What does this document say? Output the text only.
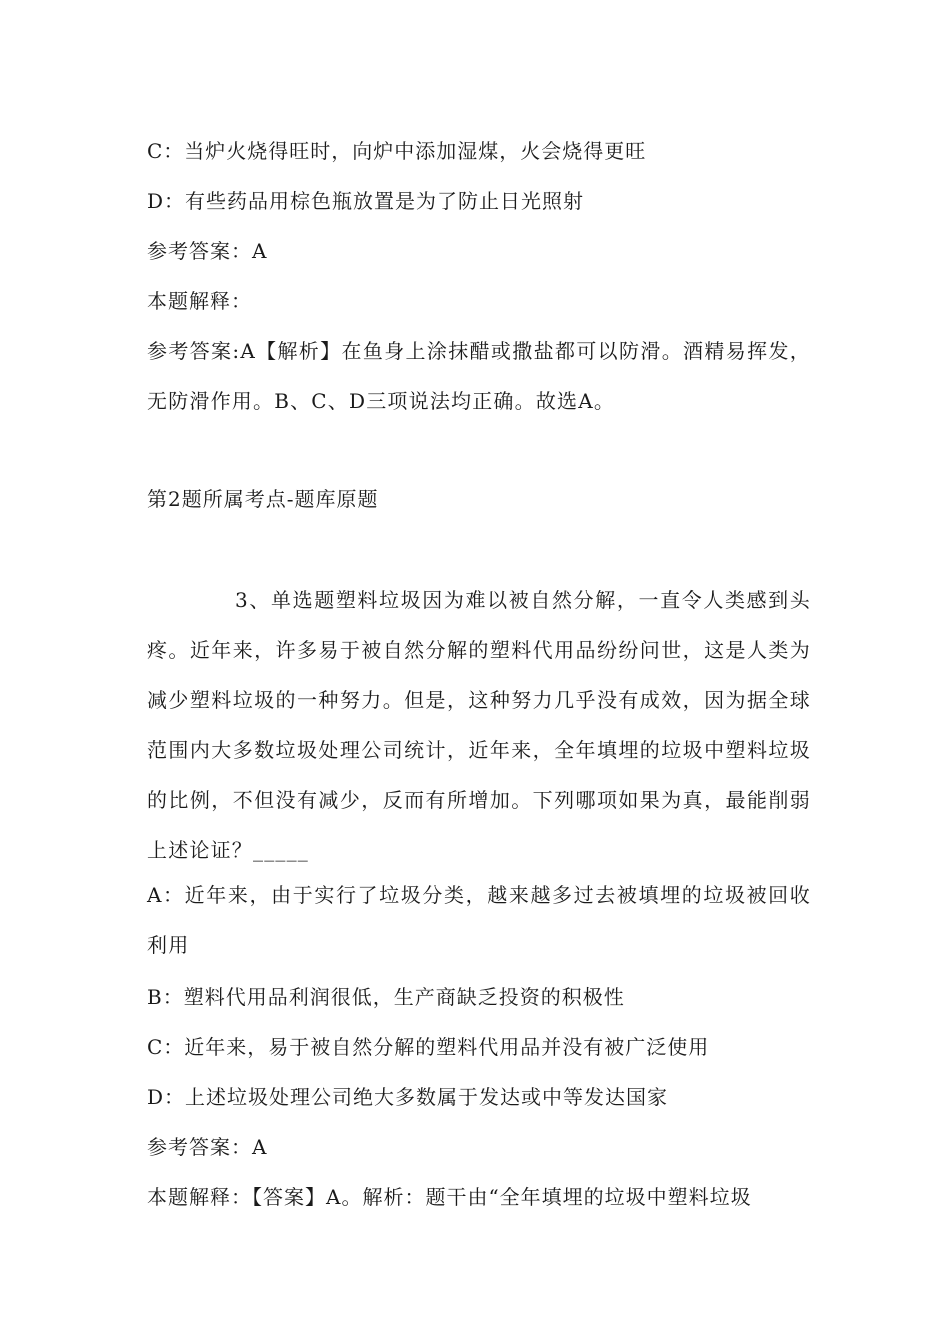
C：当炉火烧得旺时，向炉中添加湿煤，火会烧得更旺
D：有些药品用棕色瓶放置是为了防止日光照射
参考答案：A
本题解释：
参考答案:A【解析】在鱼身上涂抹醋或撒盐都可以防滑。酒精易挥发，无防滑作用。B、C、D三项说法均正确。故选A。
第2题所属考点-题库原题
3、单选题塑料垃圾因为难以被自然分解，一直令人类感到头疼。近年来，许多易于被自然分解的塑料代用品纷纷问世，这是人类为减少塑料垃圾的一种努力。但是，这种努力几乎没有成效，因为据全球范围内大多数垃圾处理公司统计，近年来，全年填埋的垃圾中塑料垃圾的比例，不但没有减少，反而有所增加。下列哪项如果为真，最能削弱上述论证？_____
A：近年来，由于实行了垃圾分类，越来越多过去被填埋的垃圾被回收利用
B：塑料代用品利润很低，生产商缺乏投资的积极性
C：近年来，易于被自然分解的塑料代用品并没有被广泛使用
D：上述垃圾处理公司绝大多数属于发达或中等发达国家
参考答案：A
本题解释：【答案】A。解析：题干由“全年填埋的垃圾中塑料垃圾
